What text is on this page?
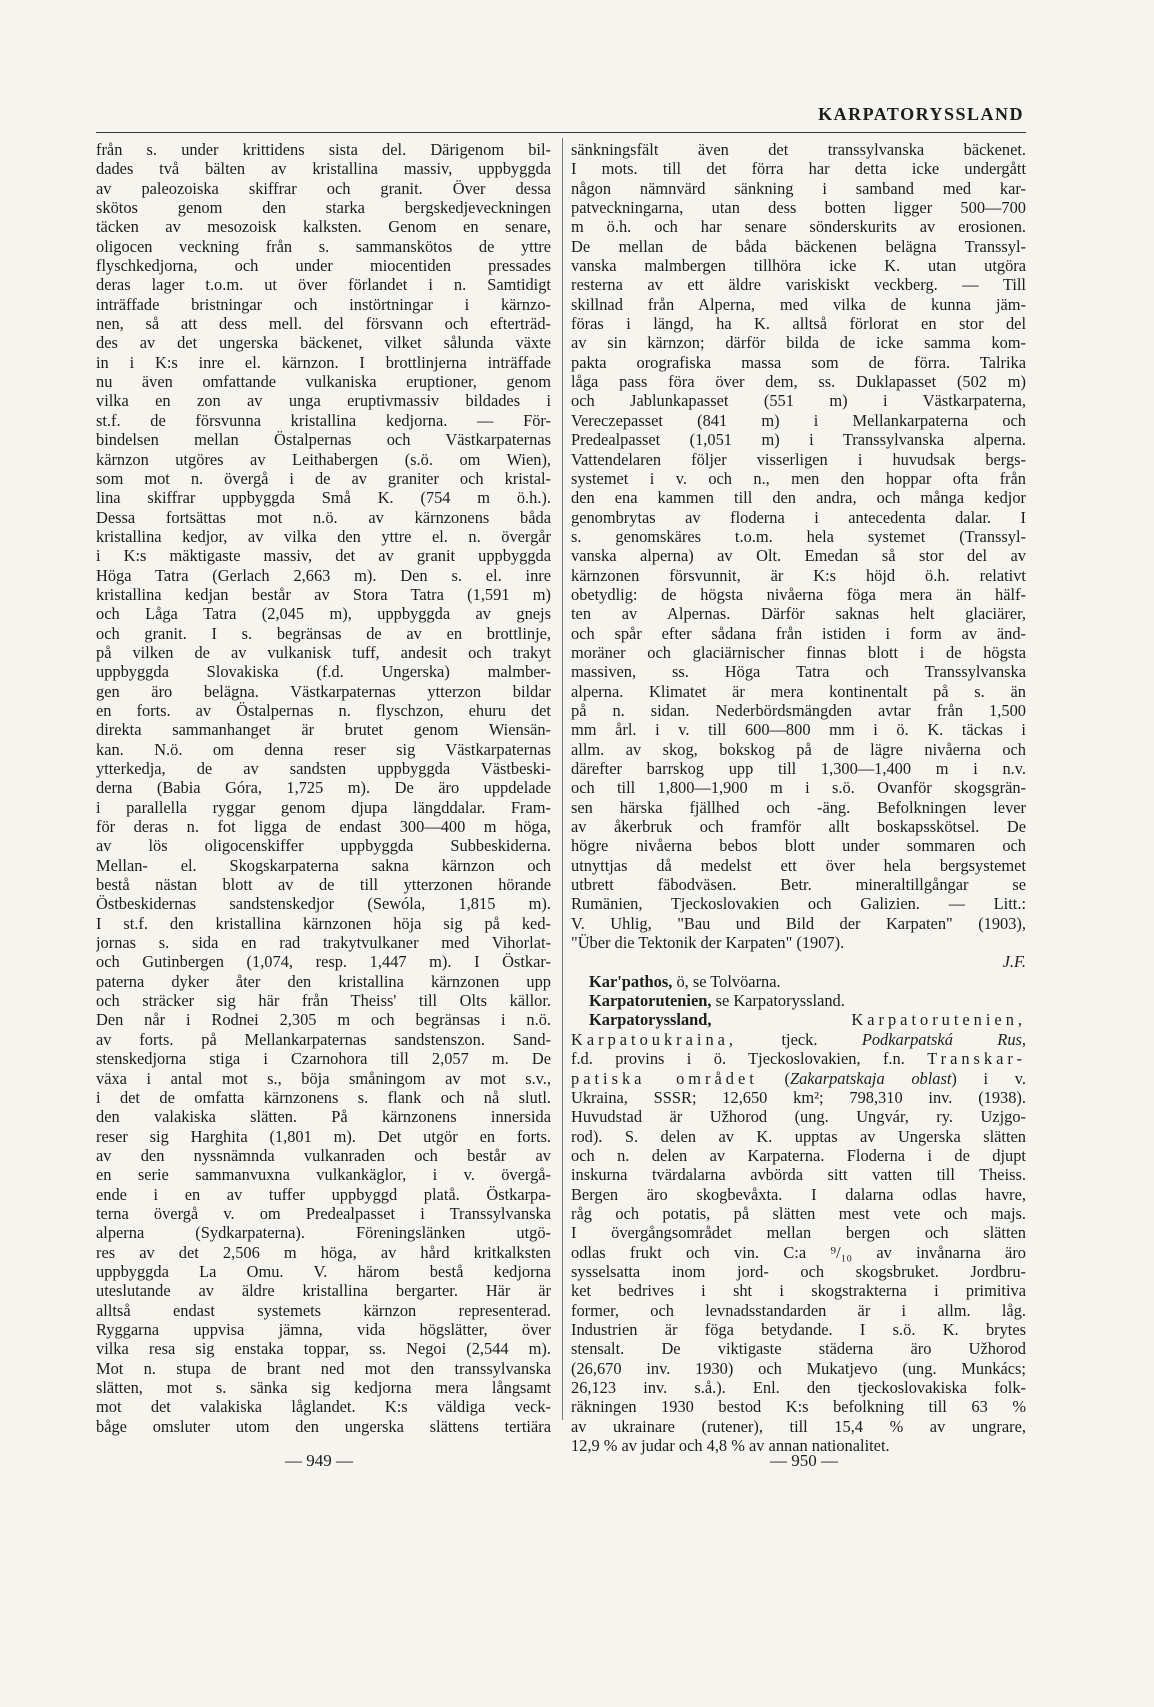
KARPATORYSSLAND
från s. under krittidens sista del. Därigenom bil-
dades två bälten av kristallina massiv, uppbyggda
av paleozoiska skiffrar och granit. Över dessa
skötos genom den starka bergskedjeveckningen
täcken av mesozoisk kalksten. Genom en senare,
oligocen veckning från s. sammanskötos de yttre
flyschkedjorna, och under miocentiden pressades
deras lager t.o.m. ut över förlandet i n. Samtidigt
inträffade bristningar och instörtningar i kärnzo-
nen, så att dess mell. del försvann och efterträd-
des av det ungerska bäckenet, vilket sålunda växte
in i K:s inre el. kärnzon. I brottlinjerna inträffade
nu även omfattande vulkaniska eruptioner, genom
vilka en zon av unga eruptivmassiv bildades i
st.f. de försvunna kristallina kedjorna. — För-
bindelsen mellan Östalpernas och Västkarpaternas
kärnzon utgöres av Leithabergen (s.ö. om Wien),
som mot n. övergå i de av graniter och kristal-
lina skiffrar uppbyggda Små K. (754 m ö.h.).
Dessa fortsättas mot n.ö. av kärnzonens båda
kristallina kedjor, av vilka den yttre el. n. övergår
i K:s mäktigaste massiv, det av granit uppbyggda
Höga Tatra (Gerlach 2,663 m). Den s. el. inre
kristallina kedjan består av Stora Tatra (1,591 m)
och Låga Tatra (2,045 m), uppbyggda av gnejs
och granit. I s. begränsas de av en brottlinje,
på vilken de av vulkanisk tuff, andesit och trakyt
uppbyggda Slovakiska (f.d. Ungerska) malmber-
gen äro belägna. Västkarpaternas ytterzon bildar
en forts. av Östalpernas n. flyschzon, ehuru det
direkta sammanhanget är brutet genom Wiensän-
kan. N.ö. om denna reser sig Västkarpaternas
ytterkedja, de av sandsten uppbyggda Västbeski-
derna (Babia Góra, 1,725 m). De äro uppdelade
i parallella ryggar genom djupa längddalar. Fram-
för deras n. fot ligga de endast 300—400 m höga,
av lös oligocenskiffer uppbyggda Subbeskiderna.
Mellan- el. Skogskarpaterna sakna kärnzon och
bestå nästan blott av de till ytterzonen hörande
Östbeskidernas sandstenskedjor (Sewóla, 1,815 m).
I st.f. den kristallina kärnzonen höja sig på ked-
jornas s. sida en rad trakytvulkaner med Vihorlat-
och Gutinbergen (1,074, resp. 1,447 m). I Östkar-
paterna dyker åter den kristallina kärnzonen upp
och sträcker sig här från Theiss' till Olts källor.
Den når i Rodnei 2,305 m och begränsas i n.ö.
av forts. på Mellankarpaternas sandstenszon. Sand-
stenskedjorna stiga i Czarnohora till 2,057 m. De
växa i antal mot s., böja småningom av mot s.v.,
i det de omfatta kärnzonens s. flank och nå slutl.
den valakiska slätten. På kärnzonens innersida
reser sig Harghita (1,801 m). Det utgör en forts.
av den nyssnämnda vulkanraden och består av
en serie sammanvuxna vulkankäglor, i v. övergå-
ende i en av tuffer uppbyggd platå. Östkarpa-
terna övergå v. om Predealpasset i Transsylvanska
alperna (Sydkarpaterna). Föreningslänken utgö-
res av det 2,506 m höga, av hård kritkalksten
uppbyggda La Omu. V. härom bestå kedjorna
uteslutande av äldre kristallina bergarter. Här är
alltså endast systemets kärnzon representerad.
Ryggarna uppvisa jämna, vida högslätter, över
vilka resa sig enstaka toppar, ss. Negoi (2,544 m).
Mot n. stupa de brant ned mot den transsylvanska
slätten, mot s. sänka sig kedjorna mera långsamt
mot det valakiska låglandet. K:s väldiga veck-
båge omsluter utom den ungerska slättens tertiära
sänkningsfält även det transsylvanska bäckenet.
I mots. till det förra har detta icke undergått
någon nämnvärd sänkning i samband med kar-
patveckningarna, utan dess botten ligger 500—700
m ö.h. och har senare sönderskurits av erosionen.
De mellan de båda bäckenen belägna Transsyl-
vanska malmbergen tillhöra icke K. utan utgöra
resterna av ett äldre variskiskt veckberg. — Till
skillnad från Alperna, med vilka de kunna jäm-
föras i längd, ha K. alltså förlorat en stor del
av sin kärnzon; därför bilda de icke samma kom-
pakta orografiska massa som de förra. Talrika
låga pass föra över dem, ss. Duklapasset (502 m)
och Jablunkapasset (551 m) i Västkarpaterna,
Vereczepasset (841 m) i Mellankarpaterna och
Predealpasset (1,051 m) i Transsylvanska alperna.
Vattendelaren följer visserligen i huvudsak bergs-
systemet i v. och n., men den hoppar ofta från
den ena kammen till den andra, och många kedjor
genombrytas av floderna i antecedenta dalar. I
s. genomskäres t.o.m. hela systemet (Transsyl-
vanska alperna) av Olt. Emedan så stor del av
kärnzonen försvunnit, är K:s höjd ö.h. relativt
obetydlig: de högsta nivåerna föga mera än hälf-
ten av Alpernas. Därför saknas helt glaciärer,
och spår efter sådana från istiden i form av änd-
moräner och glaciärnischer finnas blott i de högsta
massiven, ss. Höga Tatra och Transsylvanska
alperna. Klimatet är mera kontinentalt på s. än
på n. sidan. Nederbördsmängden avtar från 1,500
mm årl. i v. till 600—800 mm i ö. K. täckas i
allm. av skog, bokskog på de lägre nivåerna och
därefter barrskog upp till 1,300—1,400 m i n.v.
och till 1,800—1,900 m i s.ö. Ovanför skogsgrän-
sen härska fjällhed och -äng. Befolkningen lever
av åkerbruk och framför allt boskapsskötsel. De
högre nivåerna bebos blott under sommaren och
utnyttjas då medelst ett över hela bergsystemet
utbrett fäbodväsen. Betr. mineraltillgångar se
Rumänien, Tjeckoslovakien och Galizien. — Litt.:
V. Uhlig, "Bau und Bild der Karpaten" (1903),
"Über die Tektonik der Karpaten" (1907).
J.F.
Kar'pathos, ö, se Tolvöarna.
Karpatorutenien, se Karpatoryssland.
Karpatoryssland,	Karpatorutenien,
Karpatoukraina, tjeck. Podkarpatská Rus,
f.d. provins i ö. Tjeckoslovakien, f.n. Transkar-
patiska området (Zakarpatskaja oblast) i v.
Ukraina, SSSR; 12,650 km²; 798,310 inv. (1938).
Huvudstad är Užhorod (ung. Ungvár, ry. Uzjgo-
rod). S. delen av K. upptas av Ungerska slätten
och n. delen av Karpaterna. Floderna i de djupt
inskurna tvärdalarna avbörda sitt vatten till Theiss.
Bergen äro skogbevåxta. I dalarna odlas havre,
råg och potatis, på slätten mest vete och majs.
I övergångsområdet mellan bergen och slätten
odlas frukt och vin. C:a ⁹/₁₀ av invånarna äro
sysselsatta inom jord- och skogsbruket. Jordbru-
ket bedrives i sht i skogstrakterna i primitiva
former, och levnadsstandarden är i allm. låg.
Industrien är föga betydande. I s.ö. K. brytes
stensalt. De viktigaste städerna äro Užhorod
(26,670 inv. 1930) och Mukatjevo (ung. Munkács;
26,123 inv. s.å.). Enl. den tjeckoslovakiska folk-
räkningen 1930 bestod K:s befolkning till 63 %
av ukrainare (rutener), till 15,4 % av ungrare,
12,9 % av judar och 4,8 % av annan nationalitet.
— 949 —	— 950 —
